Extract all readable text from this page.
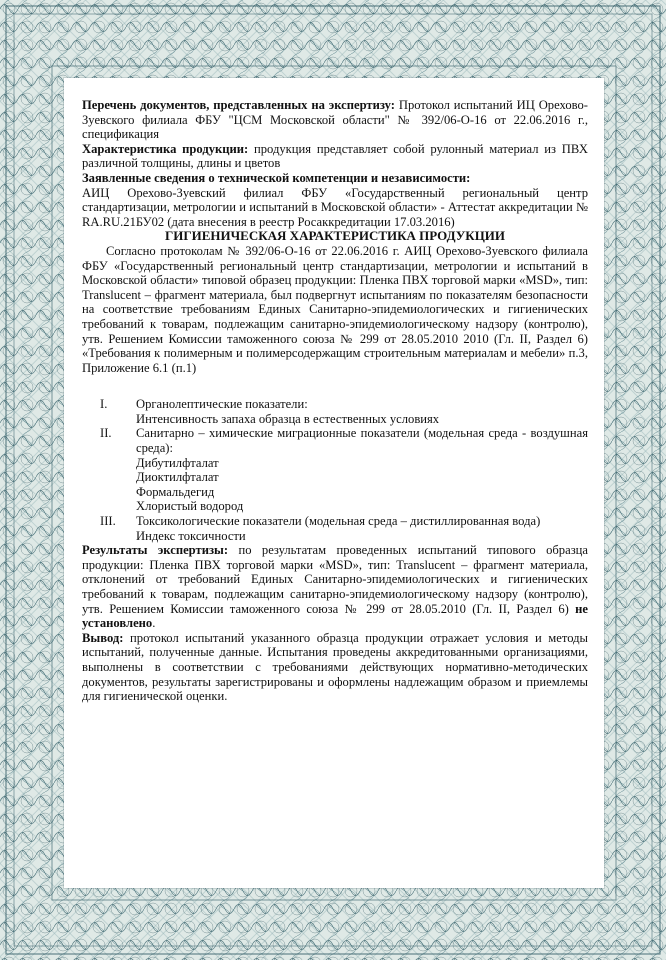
Перечень документов, представленных на экспертизу: Протокол испытаний ИЦ Орехово-Зуевского филиала ФБУ "ЦСМ Московской области" № 392/06-О-16 от 22.06.2016 г., спецификация

Характеристика продукции: продукция представляет собой рулонный материал из ПВХ различной толщины, длины и цветов

Заявленные сведения о технической компетенции и независимости:

АИЦ Орехово-Зуевский филиал ФБУ «Государственный региональный центр стандартизации, метрологии и испытаний в Московской области» - Аттестат аккредитации № RA.RU.21БУ02 (дата внесения в реестр Росаккредитации 17.03.2016)

ГИГИЕНИЧЕСКАЯ ХАРАКТЕРИСТИКА ПРОДУКЦИИ

Согласно протоколам № 392/06-О-16 от 22.06.2016 г. АИЦ Орехово-Зуевского филиала ФБУ «Государственный региональный центр стандартизации, метрологии и испытаний в Московской области» типовой образец продукции: Пленка ПВХ торговой марки «MSD», тип: Translucent – фрагмент материала, был подвергнут испытаниям по показателям безопасности на соответствие требованиям Единых Санитарно-эпидемиологических и гигиенических требований к товарам, подлежащим санитарно-эпидемиологическому надзору (контролю), утв. Решением Комиссии таможенного союза № 299 от 28.05.2010 2010 (Гл. II, Раздел 6) «Требования к полимерным и полимерсодержащим строительным материалам и мебели» п.3, Приложение 6.1 (п.1)

I.	Органолептические показатели:
Интенсивность запаха образца в естественных условиях
II.	Санитарно – химические миграционные показатели (модельная среда - воздушная среда):
Дибутилфталат
Диоктилфталат
Формальдегид
Хлористый водород
III.	Токсикологические показатели (модельная среда – дистиллированная вода)
Индекс токсичности

Результаты экспертизы: по результатам проведенных испытаний типового образца продукции: Пленка ПВХ торговой марки «MSD», тип: Translucent – фрагмент материала, отклонений от требований Единых Санитарно-эпидемиологических и гигиенических требований к товарам, подлежащим санитарно-эпидемиологическому надзору (контролю), утв. Решением Комиссии таможенного союза № 299 от 28.05.2010 (Гл. II, Раздел 6) не установлено.

Вывод: протокол испытаний указанного образца продукции отражает условия и методы испытаний, полученные данные. Испытания проведены аккредитованными организациями, выполнены в соответствии с требованиями действующих нормативно-методических документов, результаты зарегистрированы и оформлены надлежащим образом и приемлемы для гигиенической оценки.
